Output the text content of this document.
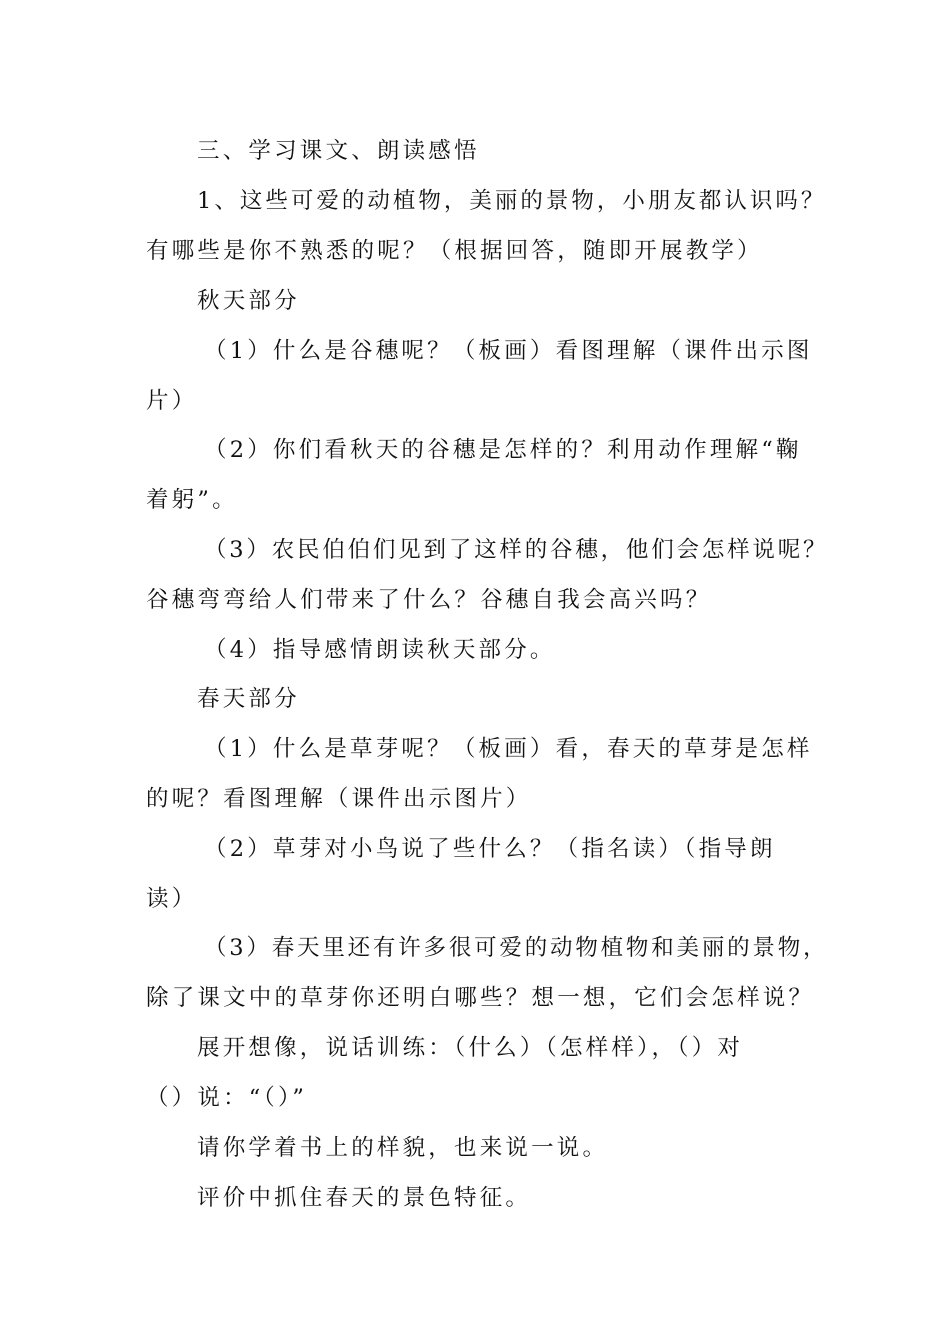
三、学习课文、朗读感悟
1、这些可爱的动植物，美丽的景物，小朋友都认识吗？
有哪些是你不熟悉的呢？（根据回答，随即开展教学）
秋天部分
（1）什么是谷穗呢？（板画）看图理解（课件出示图
片）
（2）你们看秋天的谷穗是怎样的？利用动作理解“鞠
着躬”。
（3）农民伯伯们见到了这样的谷穗，他们会怎样说呢？
谷穗弯弯给人们带来了什么？谷穗自我会高兴吗？
（4）指导感情朗读秋天部分。
春天部分
（1）什么是草芽呢？（板画）看，春天的草芽是怎样
的呢？看图理解（课件出示图片）
（2）草芽对小鸟说了些什么？（指名读）（指导朗
读）
（3）春天里还有许多很可爱的动物植物和美丽的景物，
除了课文中的草芽你还明白哪些？想一想，它们会怎样说？
展开想像，说话训练：（什么）（怎样样），（）对
（）说：“（）”
请你学着书上的样貌，也来说一说。
评价中抓住春天的景色特征。
